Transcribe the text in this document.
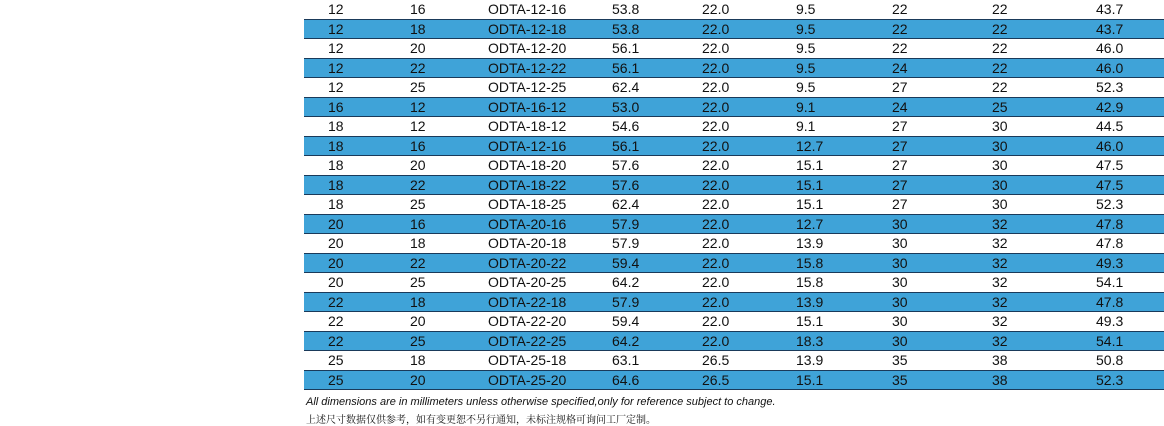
12	16	ODTA-12-16	53.8	22.0	9.5	22	22	43.7
12	18	ODTA-12-18	53.8	22.0	9.5	22	22	43.7
12	20	ODTA-12-20	56.1	22.0	9.5	22	22	46.0
12	22	ODTA-12-22	56.1	22.0	9.5	24	22	46.0
12	25	ODTA-12-25	62.4	22.0	9.5	27	22	52.3
16	12	ODTA-16-12	53.0	22.0	9.1	24	25	42.9
18	12	ODTA-18-12	54.6	22.0	9.1	27	30	44.5
18	16	ODTA-12-16	56.1	22.0	12.7	27	30	46.0
18	20	ODTA-18-20	57.6	22.0	15.1	27	30	47.5
18	22	ODTA-18-22	57.6	22.0	15.1	27	30	47.5
18	25	ODTA-18-25	62.4	22.0	15.1	27	30	52.3
20	16	ODTA-20-16	57.9	22.0	12.7	30	32	47.8
20	18	ODTA-20-18	57.9	22.0	13.9	30	32	47.8
20	22	ODTA-20-22	59.4	22.0	15.8	30	32	49.3
20	25	ODTA-20-25	64.2	22.0	15.8	30	32	54.1
22	18	ODTA-22-18	57.9	22.0	13.9	30	32	47.8
22	20	ODTA-22-20	59.4	22.0	15.1	30	32	49.3
22	25	ODTA-22-25	64.2	22.0	18.3	30	32	54.1
25	18	ODTA-25-18	63.1	26.5	13.9	35	38	50.8
25	20	ODTA-25-20	64.6	26.5	15.1	35	38	52.3
All dimensions are in millimeters unless otherwise specified,only for reference subject to change.
上述尺寸数据仅供参考，如有变更恕不另行通知，未标注规格可询问工厂定制。
